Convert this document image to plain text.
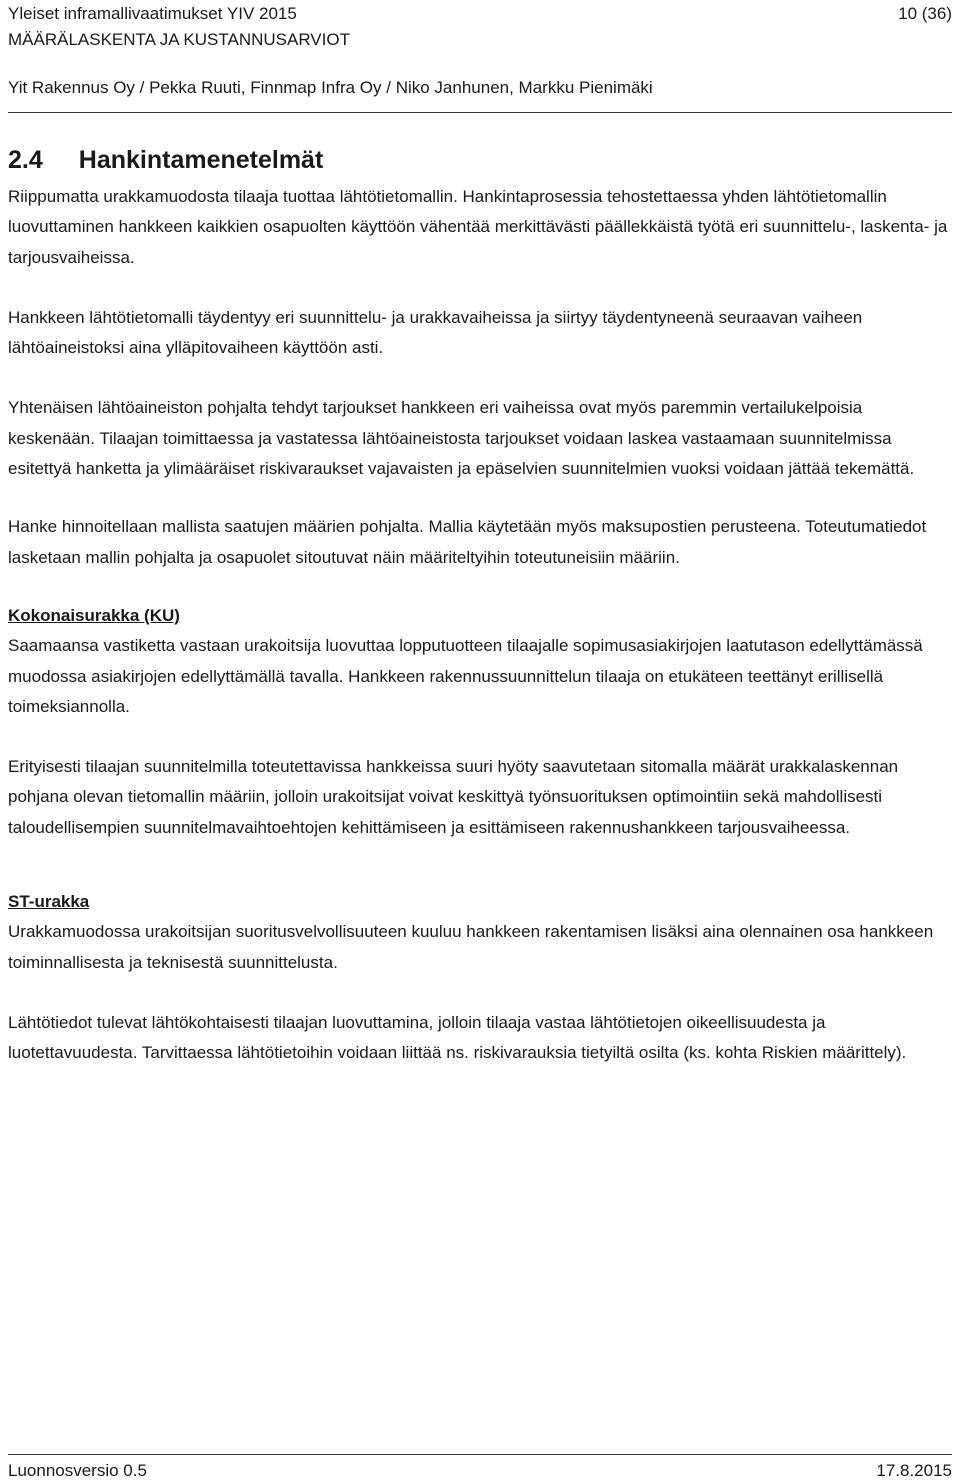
Yleiset inframallivaatimukset YIV 2015	10 (36)
MÄÄRÄLASKENTA JA KUSTANNUSARVIOT
Yit Rakennus Oy / Pekka Ruuti, Finnmap Infra Oy / Niko Janhunen, Markku Pienimäki
2.4 Hankintamenetelmät

Riippumatta urakkamuodosta tilaaja tuottaa lähtötietomallin. Hankintaprosessia tehostettaessa yhden lähtötietomallin luovuttaminen hankkeen kaikkien osapuolten käyttöön vähentää merkittävästi päällekkäistä työtä eri suunnittelu-, laskenta- ja tarjousvaiheissa.

Hankkeen lähtötietomalli täydentyy eri suunnittelu- ja urakkavaiheissa ja siirtyy täydentyneenä seuraavan vaiheen lähtöaineistoksi aina ylläpitovaiheen käyttöön asti.

Yhtenäisen lähtöaineiston pohjalta tehdyt tarjoukset hankkeen eri vaiheissa ovat myös paremmin vertailukelpoisia keskenään. Tilaajan toimittaessa ja vastatessa lähtöaineistosta tarjoukset voidaan laskea vastaamaan suunnitelmissa esitettyä hanketta ja ylimääräiset riskivaraukset vajavaisten ja epäselvien suunnitelmien vuoksi voidaan jättää tekemättä.

Hanke hinnoitellaan mallista saatujen määrien pohjalta. Mallia käytetään myös maksupostien perusteena. Toteutumatiedot lasketaan mallin pohjalta ja osapuolet sitoutuvat näin määriteltyihin toteutuneisiin määriin.

Kokonaisurakka (KU)

Saamaansa vastiketta vastaan urakoitsija luovuttaa lopputuotteen tilaajalle sopimusasiakirjojen laatutason edellyttämässä muodossa asiakirjojen edellyttämällä tavalla. Hankkeen rakennussuunnittelun tilaaja on etukäteen teettänyt erillisellä toimeksiannolla.

Erityisesti tilaajan suunnitelmilla toteutettavissa hankkeissa suuri hyöty saavutetaan sitomalla määrät urakkalaskennan pohjana olevan tietomallin määriin, jolloin urakoitsijat voivat keskittyä työnsuorituksen optimointiin sekä mahdollisesti taloudellisempien suunnitelmavaihtoehtojen kehittämiseen ja esittämiseen rakennushankkeen tarjousvaiheessa.

ST-urakka

Urakkamuodossa urakoitsijan suoritusvelvollisuuteen kuuluu hankkeen rakentamisen lisäksi aina olennainen osa hankkeen toiminnallisesta ja teknisestä suunnittelusta.

Lähtötiedot tulevat lähtökohtaisesti tilaajan luovuttamina, jolloin tilaaja vastaa lähtötietojen oikeellisuudesta ja luotettavuudesta. Tarvittaessa lähtötietoihin voidaan liittää ns. riskivarauksia tietyiltä osilta (ks. kohta Riskien määrittely).

Luonnosversio 0.5	17.8.2015
